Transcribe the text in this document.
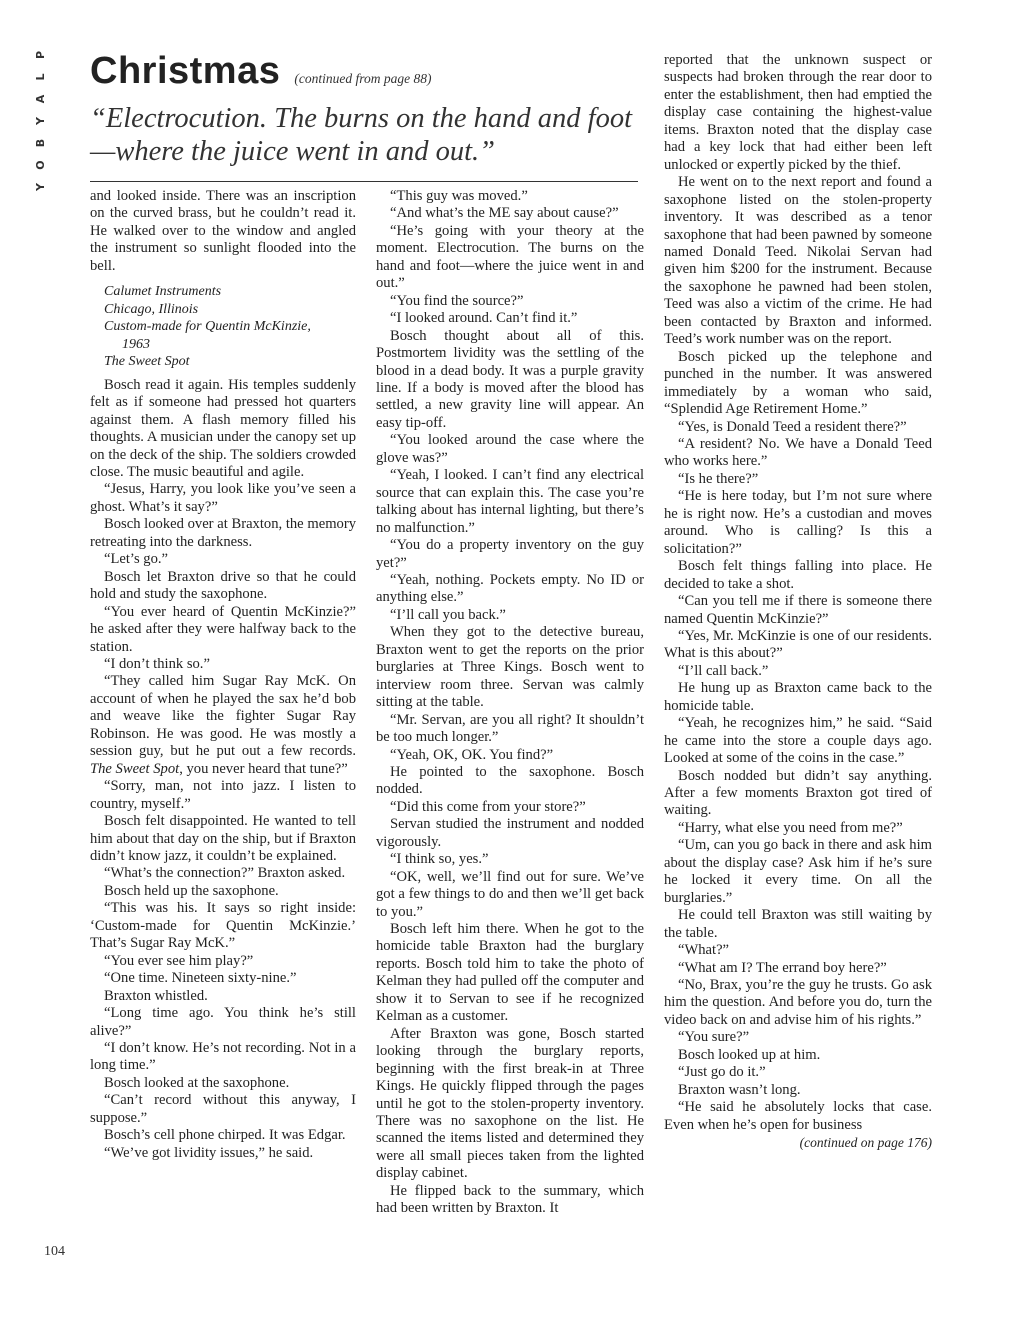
P
L
A
Y
B
O
Y
Christmas (continued from page 88)
“Electrocution. The burns on the hand and foot—where the juice went in and out.”

and looked inside. There was an inscription on the curved brass, but he couldn’t read it. He walked over to the window and angled the instrument so sunlight flooded into the bell.

Calumet Instruments
Chicago, Illinois
Custom-made for Quentin McKinzie,
1963
The Sweet Spot

Bosch read it again. His temples suddenly felt as if someone had pressed hot quarters against them. A flash memory filled his thoughts. A musician under the canopy set up on the deck of the ship. The soldiers crowded close. The music beautiful and agile.

“Jesus, Harry, you look like you’ve seen a ghost. What’s it say?”

Bosch looked over at Braxton, the memory retreating into the darkness.

“Let’s go.”

Bosch let Braxton drive so that he could hold and study the saxophone.

“You ever heard of Quentin McKinzie?” he asked after they were halfway back to the station.

“I don’t think so.”

“They called him Sugar Ray McK. On account of when he played the sax he’d bob and weave like the fighter Sugar Ray Robinson. He was good. He was mostly a session guy, but he put out a few records. The Sweet Spot, you never heard that tune?”

“Sorry, man, not into jazz. I listen to country, myself.”

Bosch felt disappointed. He wanted to tell him about that day on the ship, but if Braxton didn’t know jazz, it couldn’t be explained.

“What’s the connection?” Braxton asked.

Bosch held up the saxophone.

“This was his. It says so right inside: ‘Custom-made for Quentin McKinzie.’ That’s Sugar Ray McK.”

“You ever see him play?”

“One time. Nineteen sixty-nine.”

Braxton whistled.

“Long time ago. You think he’s still alive?”

“I don’t know. He’s not recording. Not in a long time.”

Bosch looked at the saxophone.

“Can’t record without this anyway, I suppose.”

Bosch’s cell phone chirped. It was Edgar.

“We’ve got lividity issues,” he said.

“This guy was moved.”

“And what’s the ME say about cause?”

“He’s going with your theory at the moment. Electrocution. The burns on the hand and foot—where the juice went in and out.”

“You find the source?”

“I looked around. Can’t find it.”

Bosch thought about all of this. Postmortem lividity was the settling of the blood in a dead body. It was a purple gravity line. If a body is moved after the blood has settled, a new gravity line will appear. An easy tip-off.

“You looked around the case where the glove was?”

“Yeah, I looked. I can’t find any electrical source that can explain this. The case you’re talking about has internal lighting, but there’s no malfunction.”

“You do a property inventory on the guy yet?”

“Yeah, nothing. Pockets empty. No ID or anything else.”

“I’ll call you back.”

When they got to the detective bureau, Braxton went to get the reports on the prior burglaries at Three Kings. Bosch went to interview room three. Servan was calmly sitting at the table.

“Mr. Servan, are you all right? It shouldn’t be too much longer.”

“Yeah, OK, OK. You find?”

He pointed to the saxophone. Bosch nodded.

“Did this come from your store?”

Servan studied the instrument and nodded vigorously.

“I think so, yes.”

“OK, well, we’ll find out for sure. We’ve got a few things to do and then we’ll get back to you.”

Bosch left him there. When he got to the homicide table Braxton had the burglary reports. Bosch told him to take the photo of Kelman they had pulled off the computer and show it to Servan to see if he recognized Kelman as a customer.

After Braxton was gone, Bosch started looking through the burglary reports, beginning with the first break-in at Three Kings. He quickly flipped through the pages until he got to the stolen-property inventory. There was no saxophone on the list. He scanned the items listed and determined they were all small pieces taken from the lighted display cabinet.

He flipped back to the summary, which had been written by Braxton. It

reported that the unknown suspect or suspects had broken through the rear door to enter the establishment, then had emptied the display case containing the highest-value items. Braxton noted that the display case had a key lock that had either been left unlocked or expertly picked by the thief.

He went on to the next report and found a saxophone listed on the stolen-property inventory. It was described as a tenor saxophone that had been pawned by someone named Donald Teed. Nikolai Servan had given him $200 for the instrument. Because the saxophone he pawned had been stolen, Teed was also a victim of the crime. He had been contacted by Braxton and informed. Teed’s work number was on the report.

Bosch picked up the telephone and punched in the number. It was answered immediately by a woman who said, “Splendid Age Retirement Home.”

“Yes, is Donald Teed a resident there?”

“A resident? No. We have a Donald Teed who works here.”

“Is he there?”

“He is here today, but I’m not sure where he is right now. He’s a custodian and moves around. Who is calling? Is this a solicitation?”

Bosch felt things falling into place. He decided to take a shot.

“Can you tell me if there is someone there named Quentin McKinzie?”

“Yes, Mr. McKinzie is one of our residents. What is this about?”

“I’ll call back.”

He hung up as Braxton came back to the homicide table.

“Yeah, he recognizes him,” he said. “Said he came into the store a couple days ago. Looked at some of the coins in the case.”

Bosch nodded but didn’t say anything. After a few moments Braxton got tired of waiting.

“Harry, what else you need from me?”

“Um, can you go back in there and ask him about the display case? Ask him if he’s sure he locked it every time. On all the burglaries.”

He could tell Braxton was still waiting by the table.

“What?”

“What am I? The errand boy here?”

“No, Brax, you’re the guy he trusts. Go ask him the question. And before you do, turn the video back on and advise him of his rights.”

“You sure?”

Bosch looked up at him.

“Just go do it.”

Braxton wasn’t long.

“He said he absolutely locks that case. Even when he’s open for business

(continued on page 176)
104
